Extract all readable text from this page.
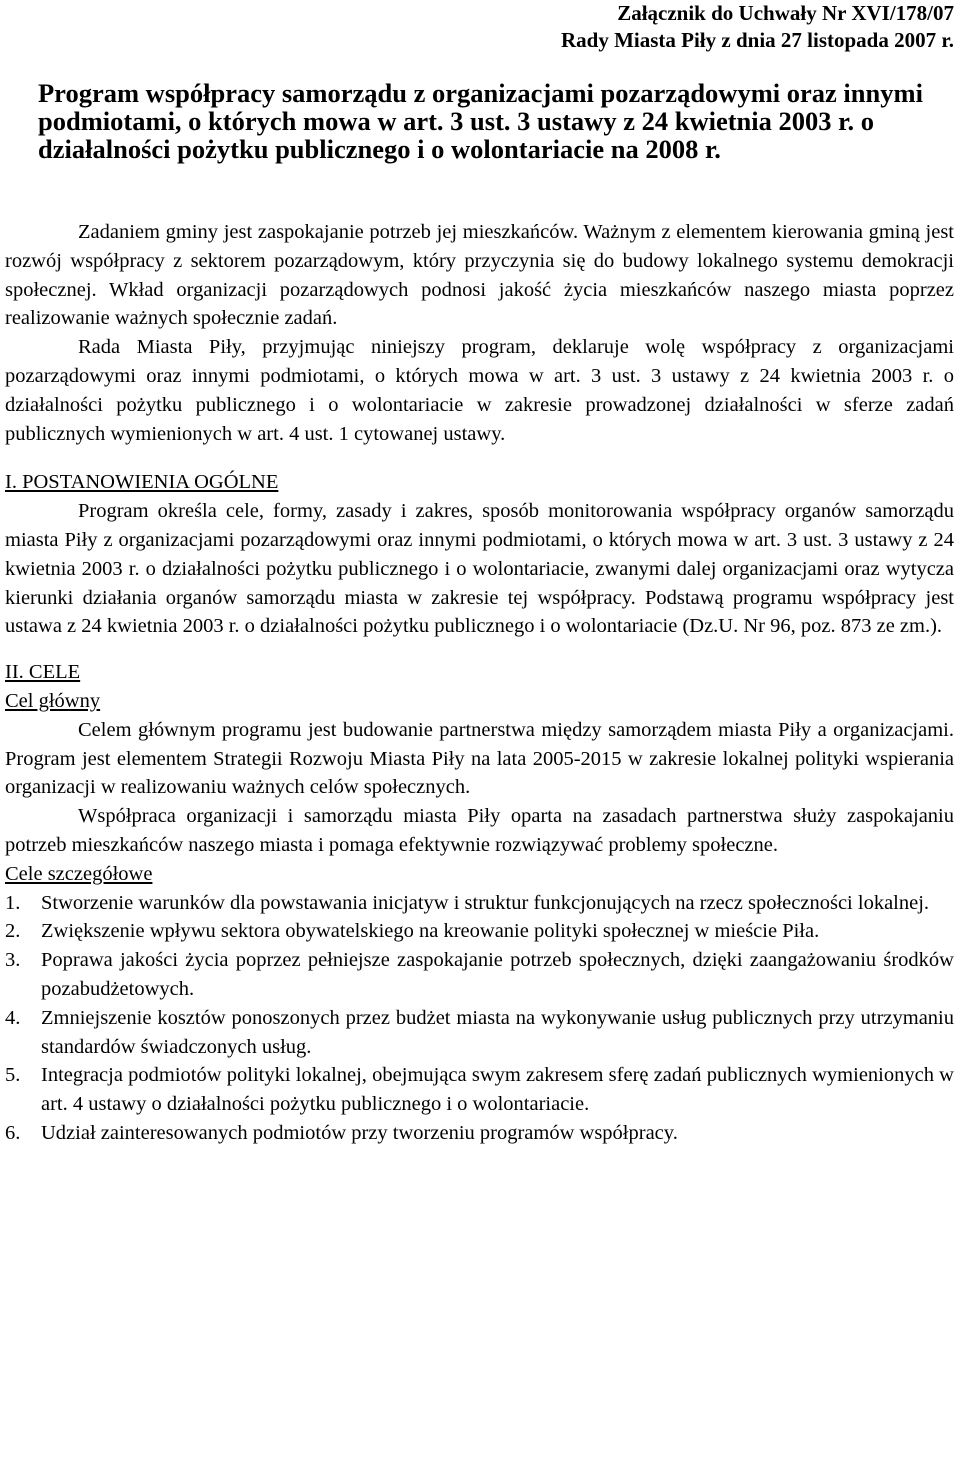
Załącznik do Uchwały Nr XVI/178/07

Rady Miasta Piły z dnia 27 listopada 2007 r.

Program współpracy samorządu z organizacjami pozarządowymi oraz innymi podmiotami, o których mowa w art. 3 ust. 3 ustawy z 24 kwietnia 2003 r. o działalności pożytku publicznego i o wolontariacie na 2008 r.

Zadaniem gminy jest zaspokajanie potrzeb jej mieszkańców. Ważnym z elementem kierowania gminą jest rozwój współpracy z sektorem pozarządowym, który przyczynia się do budowy lokalnego systemu demokracji społecznej. Wkład organizacji pozarządowych podnosi jakość życia mieszkańców naszego miasta poprzez realizowanie ważnych społecznie zadań.

Rada Miasta Piły, przyjmując niniejszy program, deklaruje wolę współpracy z organizacjami pozarządowymi oraz innymi podmiotami, o których mowa w art. 3 ust. 3 ustawy z 24 kwietnia 2003 r. o działalności pożytku publicznego i o wolontariacie w zakresie prowadzonej działalności w sferze zadań publicznych wymienionych w art. 4 ust. 1 cytowanej ustawy.

I. POSTANOWIENIA OGÓLNE

Program określa cele, formy, zasady i zakres, sposób monitorowania współpracy organów samorządu miasta Piły z organizacjami pozarządowymi oraz innymi podmiotami, o których mowa w art. 3 ust. 3 ustawy z 24 kwietnia 2003 r. o działalności pożytku publicznego i o wolontariacie, zwanymi dalej organizacjami oraz wytycza kierunki działania organów samorządu miasta w zakresie tej współpracy. Podstawą programu współpracy jest ustawa z 24 kwietnia 2003 r. o działalności pożytku publicznego i o wolontariacie (Dz.U. Nr 96, poz. 873 ze zm.).

II. CELE

Cel główny

Celem głównym programu jest budowanie partnerstwa między samorządem miasta Piły a organizacjami. Program jest elementem Strategii Rozwoju Miasta Piły na lata 2005-2015 w zakresie lokalnej polityki wspierania organizacji w realizowaniu ważnych celów społecznych.

Współpraca organizacji i samorządu miasta Piły oparta na zasadach partnerstwa służy zaspokajaniu potrzeb mieszkańców naszego miasta i pomaga efektywnie rozwiązywać problemy społeczne.

Cele szczegółowe

1. Stworzenie warunków dla powstawania inicjatyw i struktur funkcjonujących na rzecz społeczności lokalnej.
2. Zwiększenie wpływu sektora obywatelskiego na kreowanie polityki społecznej w mieście Piła.
3. Poprawa jakości życia poprzez pełniejsze zaspokajanie potrzeb społecznych, dzięki zaangażowaniu środków pozabudżetowych.
4. Zmniejszenie kosztów ponoszonych przez budżet miasta na wykonywanie usług publicznych przy utrzymaniu standardów świadczonych usług.
5. Integracja podmiotów polityki lokalnej, obejmująca swym zakresem sferę zadań publicznych wymienionych w art. 4 ustawy o działalności pożytku publicznego i o wolontariacie.
6. Udział zainteresowanych podmiotów przy tworzeniu programów współpracy.
